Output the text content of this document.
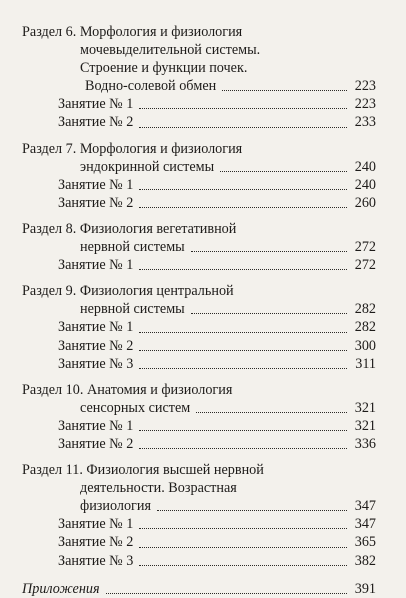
Раздел 6. Морфология и физиология
мочевыделительной системы.
Строение и функции почек.
Водно-солевой обмен	223
Занятие № 1	223
Занятие № 2	233
Раздел 7. Морфология и физиология
эндокринной системы	240
Занятие № 1	240
Занятие № 2	260
Раздел 8. Физиология вегетативной
нервной системы	272
Занятие № 1	272
Раздел 9. Физиология центральной
нервной системы	282
Занятие № 1	282
Занятие № 2	300
Занятие № 3	311
Раздел 10. Анатомия и физиология
сенсорных систем	321
Занятие № 1	321
Занятие № 2	336
Раздел 11. Физиология высшей нервной
деятельности. Возрастная
физиология	347
Занятие № 1	347
Занятие № 2	365
Занятие № 3	382
Приложения	391
